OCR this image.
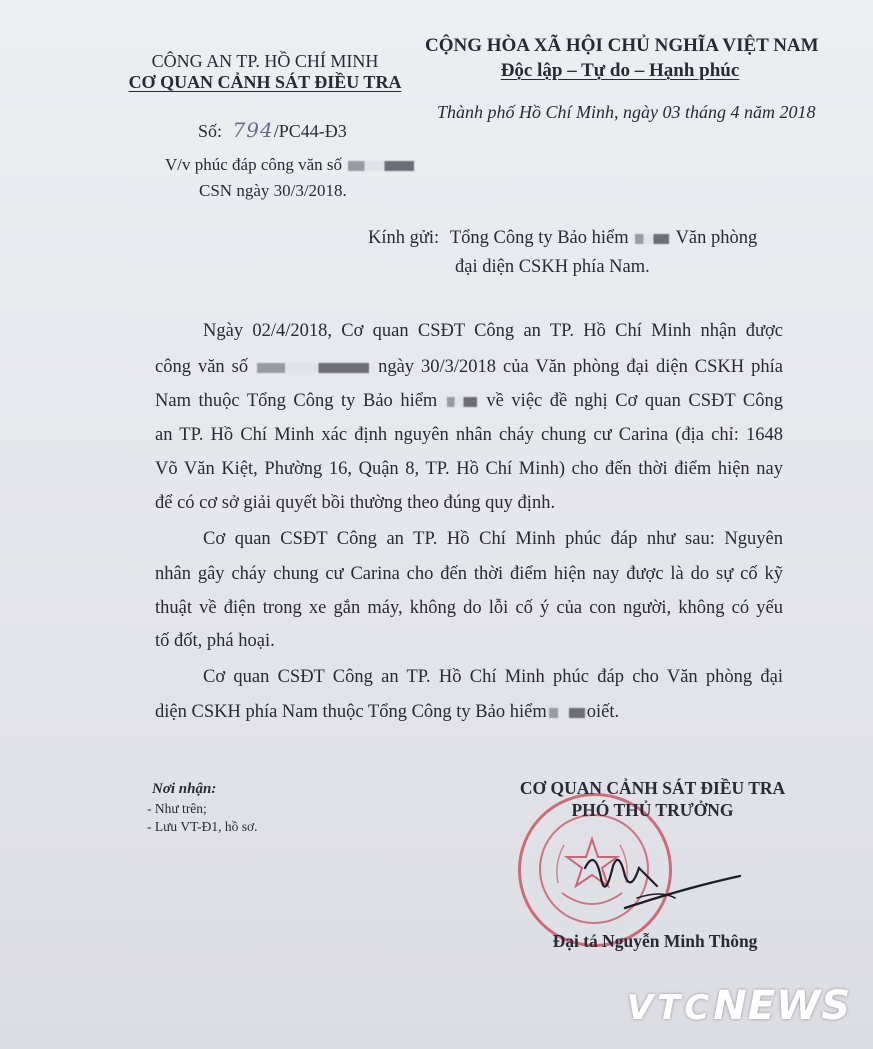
CÔNG AN TP. HỒ CHÍ MINH
CƠ QUAN CẢNH SÁT ĐIỀU TRA
Số: 794/PC44-Đ3
CỘNG HÒA XÃ HỘI CHỦ NGHĨA VIỆT NAM
Độc lập – Tự do – Hạnh phúc
Thành phố Hồ Chí Minh, ngày 03 tháng 4 năm 2018
V/v phúc đáp công văn số
CSN ngày 30/3/2018.
Kính gửi: Tổng Công ty Bảo hiểm	Văn phòng
đại diện CSKH phía Nam.
Ngày 02/4/2018, Cơ quan CSĐT Công an TP. Hồ Chí Minh nhận được
công văn số	ngày 30/3/2018 của Văn phòng đại diện CSKH phía
Nam thuộc Tổng Công ty Bảo hiểm	về việc đề nghị Cơ quan CSĐT Công
an TP. Hồ Chí Minh xác định nguyên nhân cháy chung cư Carina (địa chỉ: 1648
Võ Văn Kiệt, Phường 16, Quận 8, TP. Hồ Chí Minh) cho đến thời điểm hiện nay
để có cơ sở giải quyết bồi thường theo đúng quy định.
Cơ quan CSĐT Công an TP. Hồ Chí Minh phúc đáp như sau: Nguyên
nhân gây cháy chung cư Carina cho đến thời điểm hiện nay được là do sự cố kỹ
thuật về điện trong xe gắn máy, không do lỗi cố ý của con người, không có yếu
tố đốt, phá hoại.
Cơ quan CSĐT Công an TP. Hồ Chí Minh phúc đáp cho Văn phòng đại
diện CSKH phía Nam thuộc Tổng Công ty Bảo hiểm oiết.
Nơi nhận:
- Như trên;
- Lưu VT-Đ1, hồ sơ.
CƠ QUAN CẢNH SÁT ĐIỀU TRA
PHÓ THỦ TRƯỞNG
Đại tá Nguyễn Minh Thông
VTCNEWS
